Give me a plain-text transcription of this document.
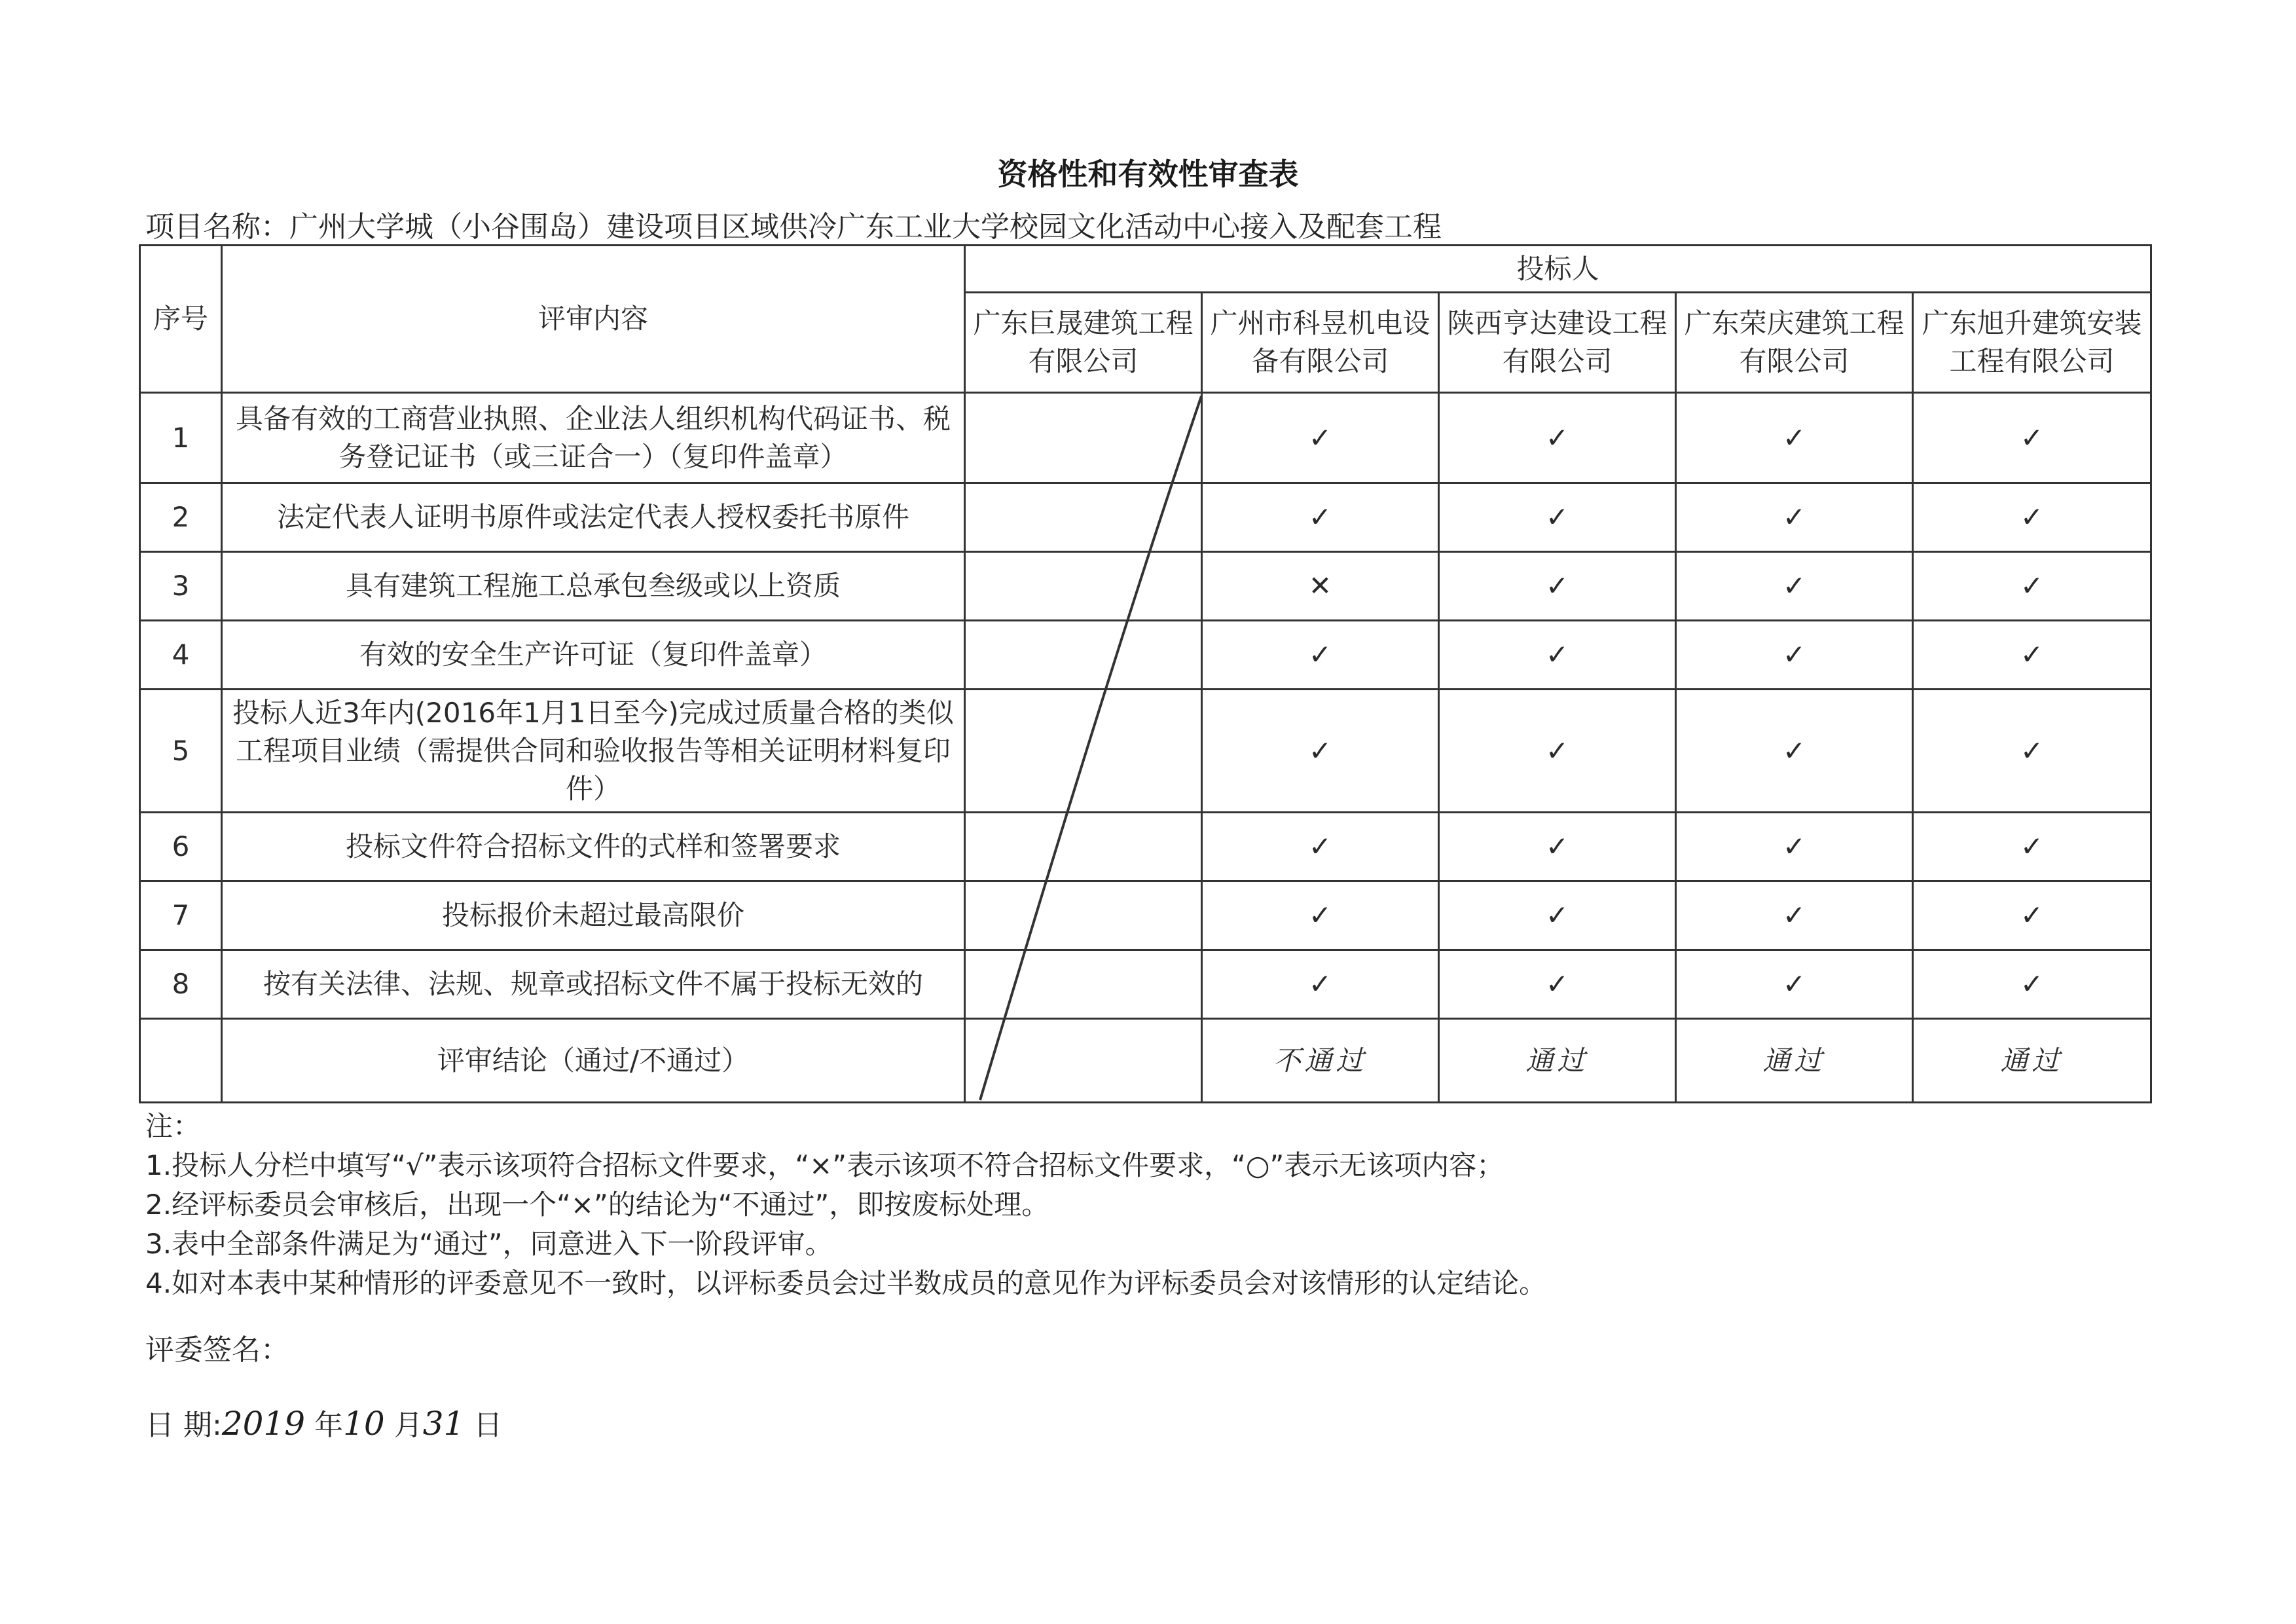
资格性和有效性审查表
项目名称：广州大学城（小谷围岛）建设项目区域供冷广东工业大学校园文化活动中心接入及配套工程
序号	评审内容	投标人				
		广东巨晟建筑工程有限公司	广州市科昱机电设备有限公司	陕西亨达建设工程有限公司	广东荣庆建筑工程有限公司	广东旭升建筑安装工程有限公司
1	具备有效的工商营业执照、企业法人组织机构代码证书、税务登记证书（或三证合一）（复印件盖章）		✓	✓	✓	✓
2	法定代表人证明书原件或法定代表人授权委托书原件		✓	✓	✓	✓
3	具有建筑工程施工总承包叁级或以上资质		✕	✓	✓	✓
4	有效的安全生产许可证（复印件盖章）		✓	✓	✓	✓
5	投标人近3年内(2016年1月1日至今)完成过质量合格的类似工程项目业绩（需提供合同和验收报告等相关证明材料复印件）		✓	✓	✓	✓
6	投标文件符合招标文件的式样和签署要求		✓	✓	✓	✓
7	投标报价未超过最高限价		✓	✓	✓	✓
8	按有关法律、法规、规章或招标文件不属于投标无效的		✓	✓	✓	✓
	评审结论（通过/不通过）		不通过	通过	通过	通过
注：
1.投标人分栏中填写“√”表示该项符合招标文件要求，“×”表示该项不符合招标文件要求，“○”表示无该项内容；
2.经评标委员会审核后，出现一个“×”的结论为“不通过”，即按废标处理。
3.表中全部条件满足为“通过”，同意进入下一阶段评审。
4.如对本表中某种情形的评委意见不一致时，以评标委员会过半数成员的意见作为评标委员会对该情形的认定结论。
评委签名：
日 期:2019 年10 月31 日
